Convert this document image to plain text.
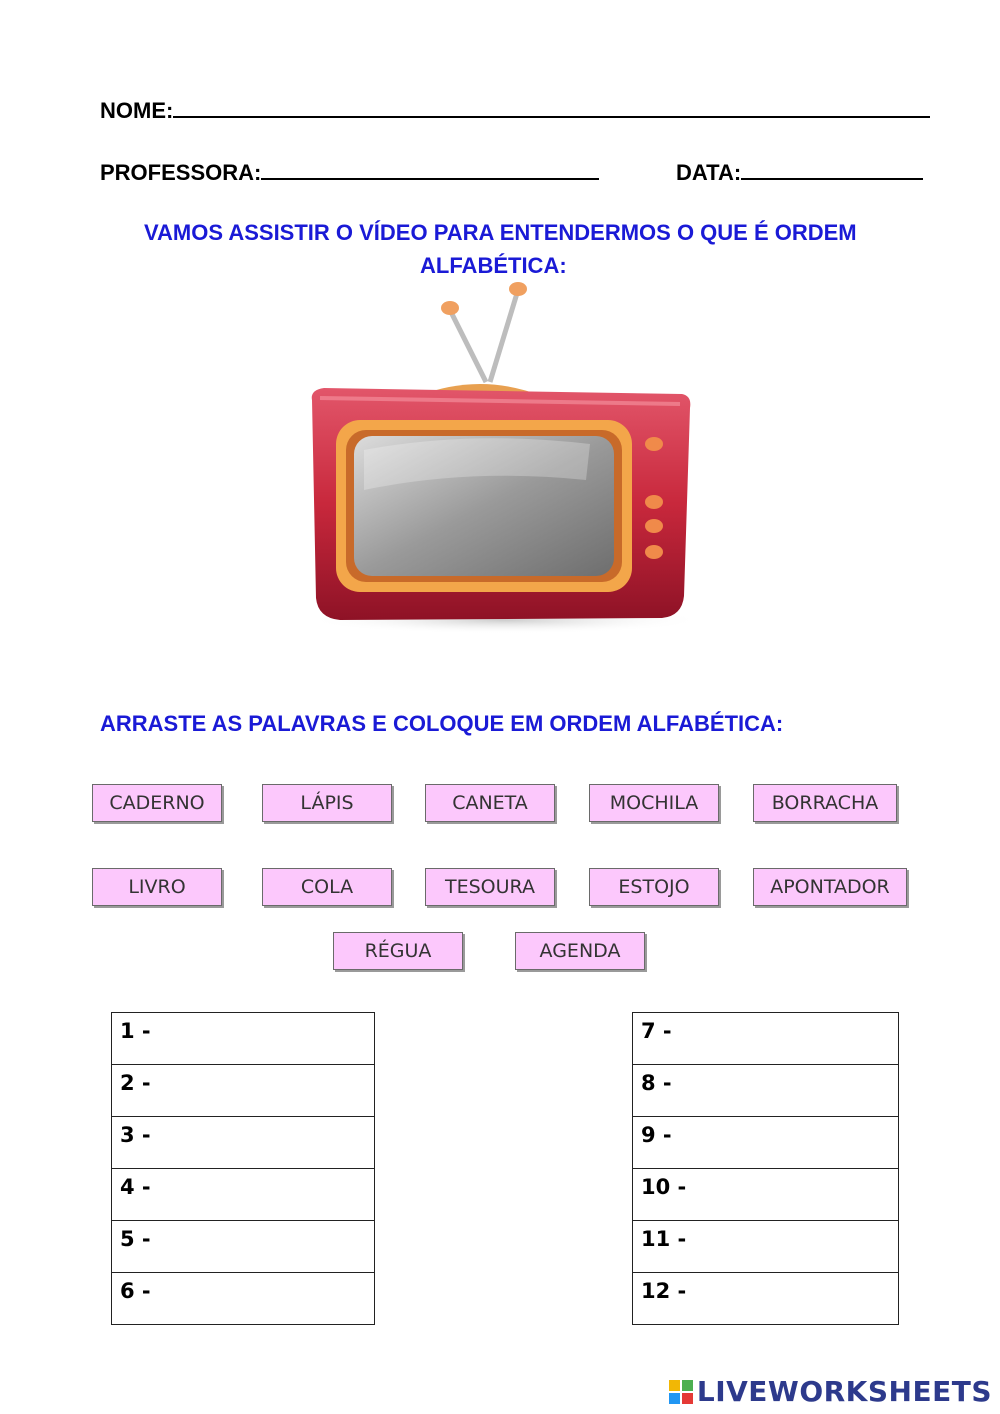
NOME:
PROFESSORA:	DATA:
VAMOS ASSISTIR O VÍDEO PARA ENTENDERMOS O QUE É ORDEM
ALFABÉTICA:
ARRASTE AS PALAVRAS E COLOQUE EM ORDEM ALFABÉTICA:
CADERNO	LÁPIS	CANETA	MOCHILA	BORRACHA
LIVRO	COLA	TESOURA	ESTOJO	APONTADOR
RÉGUA	AGENDA
1 -
2 -
3 -
4 -
5 -
6 -
7 -
8 -
9 -
10 -
11 -
12 -
LIVEWORKSHEETS
